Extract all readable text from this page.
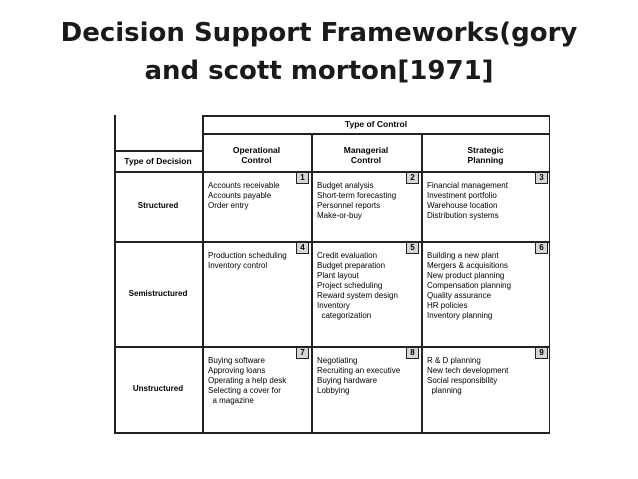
Decision Support Frameworks(gory
and scott morton[1971]
Type of Control
Type of Decision
Operational
Control
Managerial
Control
Strategic
Planning
Structured
Semistructured
Unstructured
1
Accounts receivable
Accounts payable
Order entry
2
Budget analysis
Short-term forecasting
Personnel reports
Make-or-buy
3
Financial management
Investment portfolio
Warehouse location
Distribution systems
4
Production scheduling
Inventory control
5
Credit evaluation
Budget preparation
Plant layout
Project scheduling
Reward system design
Inventory
categorization
6
Building a new plant
Mergers & acquisitions
New product planning
Compensation planning
Quality assurance
HR policies
Inventory planning
7
Buying software
Approving loans
Operating a help desk
Selecting a cover for
a magazine
8
Negotiating
Recruiting an executive
Buying hardware
Lobbying
9
R & D planning
New tech development
Social responsibility
planning
